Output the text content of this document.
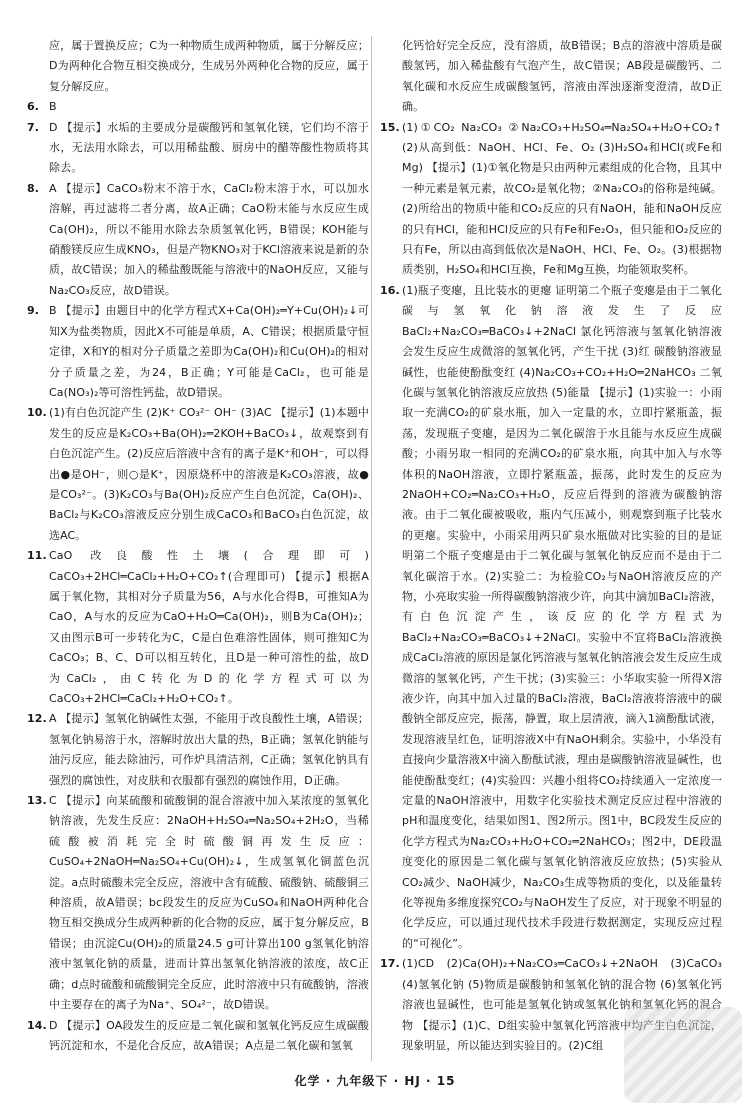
应，属于置换反应；C为一种物质生成两种物质，属于分解反应；D为两种化合物互相交换成分，生成另外两种化合物的反应，属于复分解反应。

6. B

7. D 【提示】水垢的主要成分是碳酸钙和氢氧化镁，它们均不溶于水，无法用水除去，可以用稀盐酸、厨房中的醋等酸性物质将其除去。

8. A 【提示】CaCO₃粉末不溶于水，CaCl₂粉末溶于水，可以加水溶解，再过滤将二者分离，故A正确；CaO粉末能与水反应生成Ca(OH)₂，所以不能用水除去杂质氢氧化钙，B错误；KOH能与硝酸镁反应生成KNO₃，但是产物KNO₃对于KCl溶液来说是新的杂质，故C错误；加入的稀盐酸既能与溶液中的NaOH反应，又能与Na₂CO₃反应，故D错误。

9. B 【提示】由题目中的化学方程式X+Ca(OH)₂═Y+Cu(OH)₂↓可知X为盐类物质，因此X不可能是单质，A、C错误；根据质量守恒定律，X和Y的相对分子质量之差即为Ca(OH)₂和Cu(OH)₂的相对分子质量之差，为24，B正确；Y可能是CaCl₂，也可能是Ca(NO₃)₂等可溶性钙盐，故D错误。

10. (1)有白色沉淀产生 (2)K⁺ CO₃²⁻ OH⁻ (3)AC 【提示】(1)本题中发生的反应是K₂CO₃+Ba(OH)₂═2KOH+BaCO₃↓，故观察到有白色沉淀产生。(2)反应后溶液中含有的离子是K⁺和OH⁻，可以得出●是OH⁻，则○是K⁺，因原烧杯中的溶液是K₂CO₃溶液，故●是CO₃²⁻。(3)K₂CO₃与Ba(OH)₂反应产生白色沉淀，Ca(OH)₂、BaCl₂与K₂CO₃溶液反应分别生成CaCO₃和BaCO₃白色沉淀，故选AC。

11. CaO 改良酸性土壤(合理即可) CaCO₃+2HCl═CaCl₂+H₂O+CO₂↑(合理即可) 【提示】根据A属于氧化物，其相对分子质量为56，A与水化合得B，可推知A为CaO，A与水的反应为CaO+H₂O═Ca(OH)₂，则B为Ca(OH)₂；又由图示B可一步转化为C，C是白色难溶性固体，则可推知C为CaCO₃；B、C、D可以相互转化，且D是一种可溶性的盐，故D为CaCl₂，由C转化为D的化学方程式可以为CaCO₃+2HCl═CaCl₂+H₂O+CO₂↑。

12. A 【提示】氢氧化钠碱性太强，不能用于改良酸性土壤，A错误；氢氧化钠易溶于水，溶解时放出大量的热，B正确；氢氧化钠能与油污反应，能去除油污，可作炉具清洁剂，C正确；氢氧化钠具有强烈的腐蚀性，对皮肤和衣服都有强烈的腐蚀作用，D正确。

13. C 【提示】向某硫酸和硫酸铜的混合溶液中加入某浓度的氢氧化钠溶液，先发生反应：2NaOH+H₂SO₄═Na₂SO₄+2H₂O，当稀硫酸被消耗完全时硫酸铜再发生反应：CuSO₄+2NaOH═Na₂SO₄+Cu(OH)₂↓，生成氢氧化铜蓝色沉淀。a点时硫酸未完全反应，溶液中含有硫酸、硫酸钠、硫酸铜三种溶质，故A错误；bc段发生的反应为CuSO₄和NaOH两种化合物互相交换成分生成两种新的化合物的反应，属于复分解反应，B错误；由沉淀Cu(OH)₂的质量24.5 g可计算出100 g氢氧化钠溶液中氢氧化钠的质量，进而计算出氢氧化钠溶液的浓度，故C正确；d点时硫酸和硫酸铜完全反应，此时溶液中只有硫酸钠，溶液中主要存在的离子为Na⁺、SO₄²⁻，故D错误。

14. D 【提示】OA段发生的反应是二氧化碳和氢氧化钙反应生成碳酸钙沉淀和水，不是化合反应，故A错误；A点是二氧化碳和氢氧

化钙恰好完全反应，没有溶质，故B错误；B点的溶液中溶质是碳酸氢钙，加入稀盐酸有气泡产生，故C错误；AB段是碳酸钙、二氧化碳和水反应生成碳酸氢钙，溶液由浑浊逐渐变澄清，故D正确。

15. (1)①CO₂ Na₂CO₃ ②Na₂CO₃+H₂SO₄═Na₂SO₄+H₂O+CO₂↑ (2)从高到低：NaOH、HCl、Fe、O₂ (3)H₂SO₄和HCl(或Fe和Mg) 【提示】(1)①氧化物是只由两种元素组成的化合物，且其中一种元素是氧元素，故CO₂是氧化物；②Na₂CO₃的俗称是纯碱。(2)所给出的物质中能和CO₂反应的只有NaOH，能和NaOH反应的只有HCl，能和HCl反应的只有Fe和Fe₂O₃，但只能和O₂反应的只有Fe，所以由高到低依次是NaOH、HCl、Fe、O₂。(3)根据物质类别，H₂SO₄和HCl互换，Fe和Mg互换，均能领取奖杯。

16. (1)瓶子变瘪，且比装水的更瘪 证明第二个瓶子变瘪是由于二氧化碳与氢氧化钠溶液发生了反应 BaCl₂+Na₂CO₃═BaCO₃↓+2NaCl 氯化钙溶液与氢氧化钠溶液会发生反应生成微溶的氢氧化钙，产生干扰 (3)红 碳酸钠溶液显碱性，也能使酚酞变红 (4)Na₂CO₃+CO₂+H₂O═2NaHCO₃ 二氧化碳与氢氧化钠溶液反应放热 (5)能量 【提示】(1)实验一：小雨取一充满CO₂的矿泉水瓶，加入一定量的水，立即拧紧瓶盖，振荡，发现瓶子变瘪，是因为二氧化碳溶于水且能与水反应生成碳酸；小雨另取一相同的充满CO₂的矿泉水瓶，向其中加入与水等体积的NaOH溶液，立即拧紧瓶盖，振荡，此时发生的反应为2NaOH+CO₂═Na₂CO₃+H₂O，反应后得到的溶液为碳酸钠溶液。由于二氧化碳被吸收，瓶内气压减小，则观察到瓶子比装水的更瘪。实验中，小雨采用两只矿泉水瓶做对比实验的目的是证明第二个瓶子变瘪是由于二氧化碳与氢氧化钠反应而不是由于二氧化碳溶于水。(2)实验二：为检验CO₂与NaOH溶液反应的产物，小亮取实验一所得碳酸钠溶液少许，向其中滴加BaCl₂溶液，有白色沉淀产生，该反应的化学方程式为BaCl₂+Na₂CO₃═BaCO₃↓+2NaCl。实验中不宜将BaCl₂溶液换成CaCl₂溶液的原因是氯化钙溶液与氢氧化钠溶液会发生反应生成微溶的氢氧化钙，产生干扰；(3)实验三：小华取实验一所得X溶液少许，向其中加入过量的BaCl₂溶液，BaCl₂溶液将溶液中的碳酸钠全部反应完，振荡，静置，取上层清液，滴入1滴酚酞试液，发现溶液呈红色，证明溶液X中有NaOH剩余。实验中，小华没有直接向少量溶液X中滴入酚酞试液，理由是碳酸钠溶液显碱性，也能使酚酞变红；(4)实验四：兴趣小组将CO₂持续通入一定浓度一定量的NaOH溶液中，用数字化实验技术测定反应过程中溶液的pH和温度变化，结果如图1、图2所示。图1中，BC段发生反应的化学方程式为Na₂CO₃+H₂O+CO₂═2NaHCO₃；图2中，DE段温度变化的原因是二氧化碳与氢氧化钠溶液反应放热；(5)实验从CO₂减少、NaOH减少，Na₂CO₃生成等物质的变化，以及能量转化等视角多维度探究CO₂与NaOH发生了反应，对于现象不明显的化学反应，可以通过现代技术手段进行数据测定，实现反应过程的“可视化”。

17. (1)CD (2)Ca(OH)₂+Na₂CO₃═CaCO₃↓+2NaOH (3)CaCO₃ (4)氢氧化钠 (5)物质是碳酸钠和氢氧化钠的混合物 (6)氢氧化钙溶液也显碱性，也可能是氢氧化钠或氢氧化钠和氢氧化钙的混合物 【提示】(1)C、D组实验中氢氧化钙溶液中均产生白色沉淀，现象明显，所以能达到实验目的。(2)C组

化学 · 九年级下 · HJ · 15
